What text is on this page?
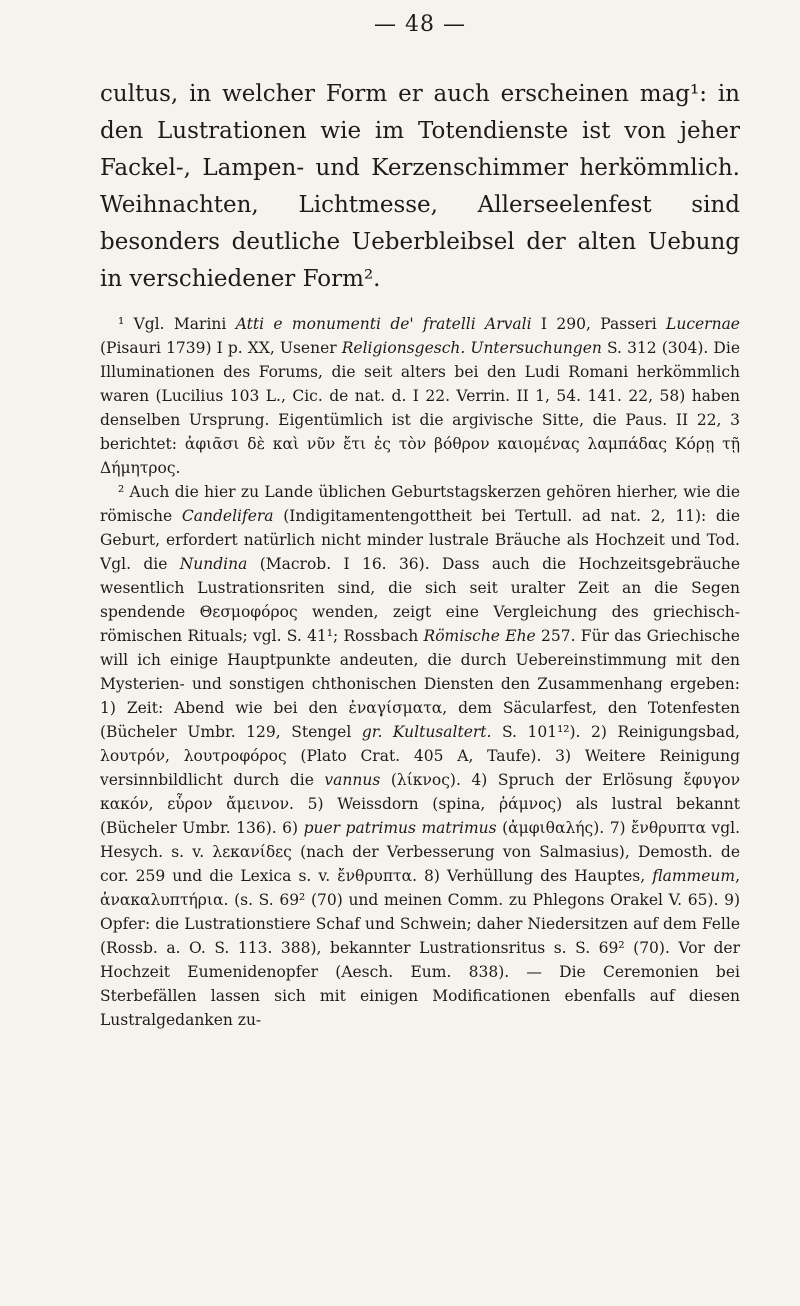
— 48 —

cultus, in welcher Form er auch erscheinen mag¹: in den Lustrationen wie im Totendienste ist von jeher Fackel-, Lampen- und Kerzenschimmer herkömmlich. Weihnachten, Lichtmesse, Allerseelenfest sind besonders deutliche Ueberbleibsel der alten Uebung in verschiedener Form².

¹ Vgl. Marini Atti e monumenti de' fratelli Arvali I 290, Passeri Lucernae (Pisauri 1739) I p. XX, Usener Religionsgesch. Untersuchungen S. 312 (304). Die Illuminationen des Forums, die seit alters bei den Ludi Romani herkömmlich waren (Lucilius 103 L., Cic. de nat. d. I 22. Verrin. II 1, 54. 141. 22, 58) haben denselben Ursprung. Eigentümlich ist die argivische Sitte, die Paus. II 22, 3 berichtet: ἀφιᾶσι δὲ καὶ νῦν ἔτι ἐς τὸν βόθρον καιομένας λαμπάδας Κόρῃ τῇ Δήμητρος.

² Auch die hier zu Lande üblichen Geburtstagskerzen gehören hierher, wie die römische Candelifera (Indigitamentengottheit bei Tertull. ad nat. 2, 11): die Geburt, erfordert natürlich nicht minder lustrale Bräuche als Hochzeit und Tod. Vgl. die Nundina (Macrob. I 16. 36). Dass auch die Hochzeitsgebräuche wesentlich Lustrationsriten sind, die sich seit uralter Zeit an die Segen spendende Θεσμοφόρος wenden, zeigt eine Vergleichung des griechisch-römischen Rituals; vgl. S. 41¹; Rossbach Römische Ehe 257. Für das Griechische will ich einige Hauptpunkte andeuten, die durch Uebereinstimmung mit den Mysterien- und sonstigen chthonischen Diensten den Zusammenhang ergeben: 1) Zeit: Abend wie bei den ἐναγίσματα, dem Säcularfest, den Totenfesten (Bücheler Umbr. 129, Stengel gr. Kultusaltert. S. 101¹²). 2) Reinigungsbad, λουτρόν, λουτροφόρος (Plato Crat. 405 A, Taufe). 3) Weitere Reinigung versinnbildlicht durch die vannus (λίκνος). 4) Spruch der Erlösung ἔφυγον κακόν, εὗρον ἄμεινον. 5) Weissdorn (spina, ῥάμνος) als lustral bekannt (Bücheler Umbr. 136). 6) puer patrimus matrimus (ἀμφιθαλής). 7) ἔνθρυπτα vgl. Hesych. s. v. λεκανίδες (nach der Verbesserung von Salmasius), Demosth. de cor. 259 und die Lexica s. v. ἔνθρυπτα. 8) Verhüllung des Hauptes, flammeum, ἀνακαλυπτήρια. (s. S. 69² (70) und meinen Comm. zu Phlegons Orakel V. 65). 9) Opfer: die Lustrationstiere Schaf und Schwein; daher Niedersitzen auf dem Felle (Rossb. a. O. S. 113. 388), bekannter Lustrationsritus s. S. 69² (70). Vor der Hochzeit Eumenidenopfer (Aesch. Eum. 838). — Die Ceremonien bei Sterbefällen lassen sich mit einigen Modificationen ebenfalls auf diesen Lustralgedanken zu-
